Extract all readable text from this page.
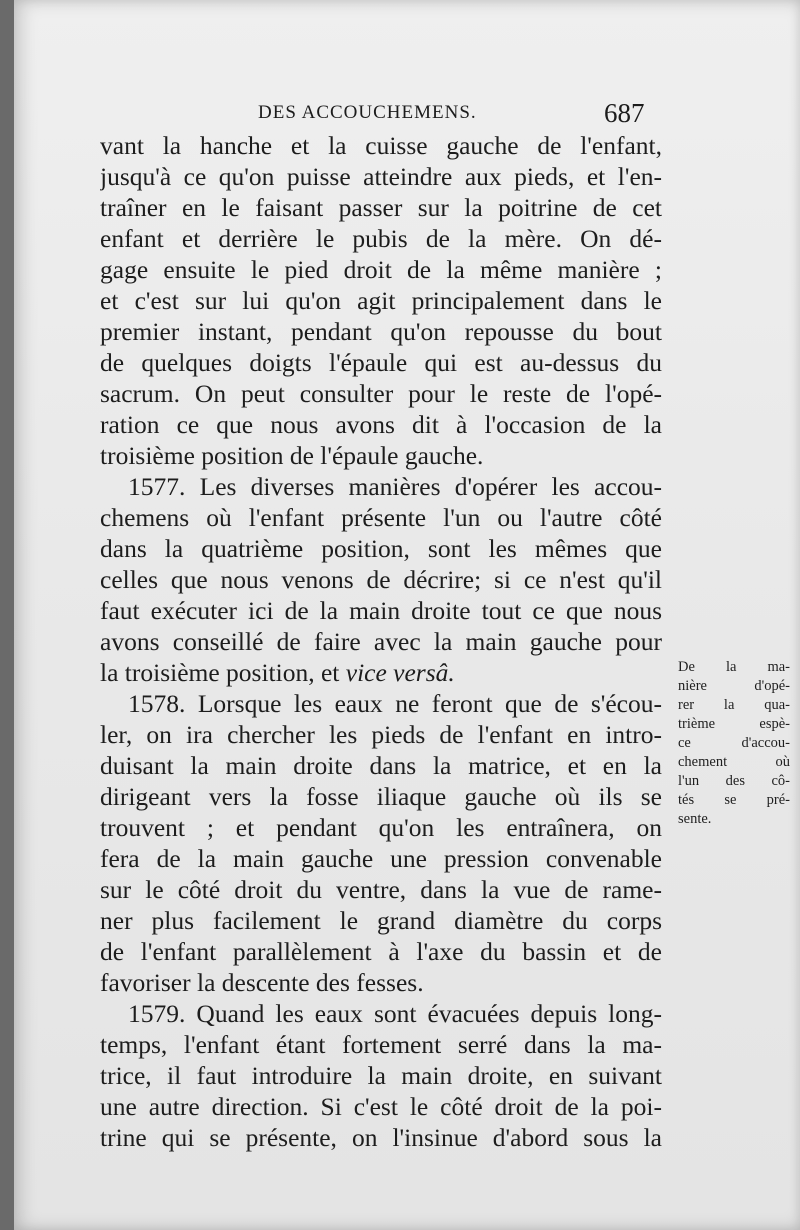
DES ACCOUCHEMENS.	687
vant la hanche et la cuisse gauche de l'enfant,
jusqu'à ce qu'on puisse atteindre aux pieds, et l'en-
traîner en le faisant passer sur la poitrine de cet
enfant et derrière le pubis de la mère. On dé-
gage ensuite le pied droit de la même manière ;
et c'est sur lui qu'on agit principalement dans le
premier instant, pendant qu'on repousse du bout
de quelques doigts l'épaule qui est au-dessus du
sacrum. On peut consulter pour le reste de l'opé-
ration ce que nous avons dit à l'occasion de la
troisième position de l'épaule gauche.
1577. Les diverses manières d'opérer les accou-
chemens où l'enfant présente l'un ou l'autre côté
dans la quatrième position, sont les mêmes que
celles que nous venons de décrire; si ce n'est qu'il
faut exécuter ici de la main droite tout ce que nous
avons conseillé de faire avec la main gauche pour
la troisième position, et vice versâ.
1578. Lorsque les eaux ne feront que de s'écou-
ler, on ira chercher les pieds de l'enfant en intro-
duisant la main droite dans la matrice, et en la
dirigeant vers la fosse iliaque gauche où ils se
trouvent ; et pendant qu'on les entraînera, on
fera de la main gauche une pression convenable
sur le côté droit du ventre, dans la vue de rame-
ner plus facilement le grand diamètre du corps
de l'enfant parallèlement à l'axe du bassin et de
favoriser la descente des fesses.
1579. Quand les eaux sont évacuées depuis long-
temps, l'enfant étant fortement serré dans la ma-
trice, il faut introduire la main droite, en suivant
une autre direction. Si c'est le côté droit de la poi-
trine qui se présente, on l'insinue d'abord sous la
De la ma-
nière d'opé-
rer la qua-
trième espè-
ce d'accou-
chement où
l'un des cô-
tés se pré-
sente.
